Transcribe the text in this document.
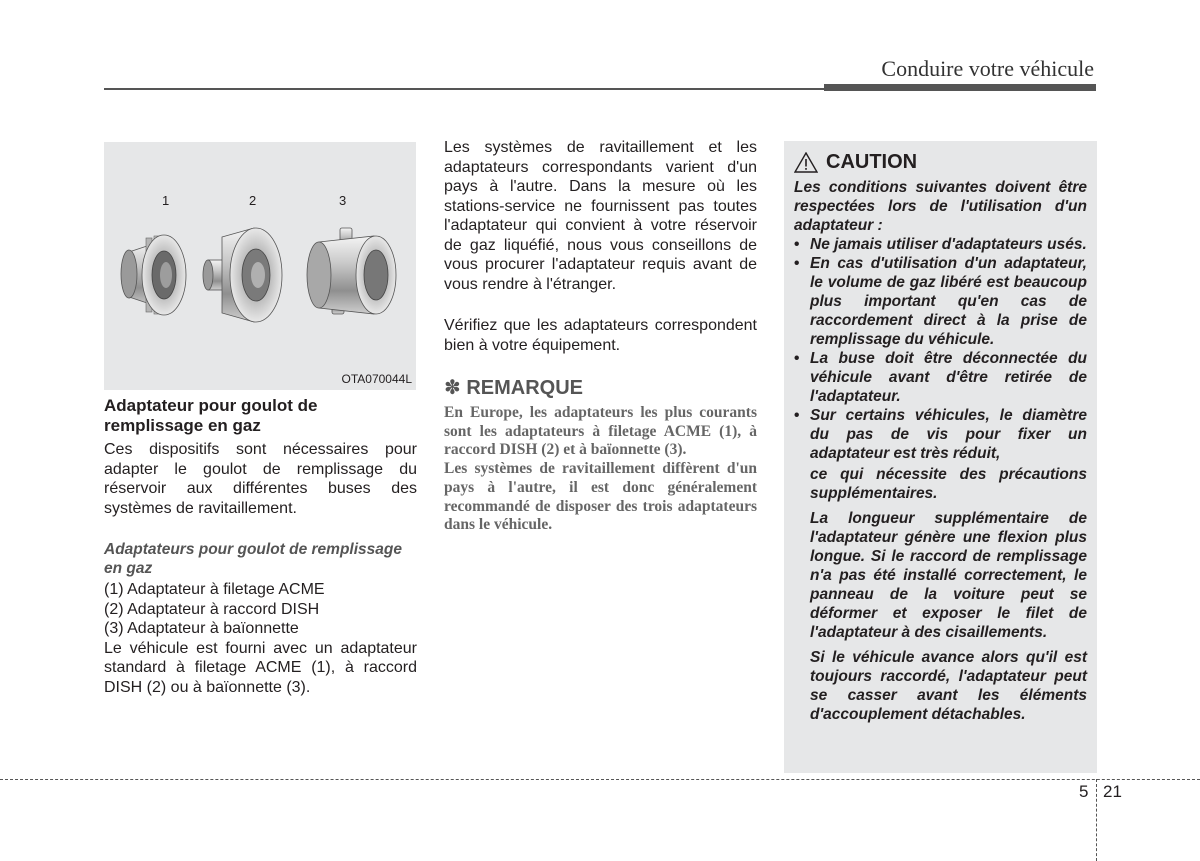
Conduire votre véhicule
1	2	3
OTA070044L

Adaptateur pour goulot de remplissage en gaz

Ces dispositifs sont nécessaires pour adapter le goulot de remplissage du réservoir aux différentes buses des systèmes de ravitaillement.

Adaptateurs pour goulot de remplissage en gaz

(1) Adaptateur à filetage ACME

(2) Adaptateur à raccord DISH

(3) Adaptateur à baïonnette

Le véhicule est fourni avec un adaptateur standard à filetage ACME (1), à raccord DISH (2) ou à baïonnette (3).

Les systèmes de ravitaillement et les adaptateurs correspondants varient d'un pays à l'autre. Dans la mesure où les stations-service ne fournissent pas toutes l'adaptateur qui convient à votre réservoir de gaz liquéfié, nous vous conseillons de vous procurer l'adaptateur requis avant de vous rendre à l'étranger.

Vérifiez que les adaptateurs correspondent bien à votre équipement.

✽ REMARQUE

En Europe, les adaptateurs les plus courants sont les adaptateurs à filetage ACME (1), à raccord DISH (2) et à baïonnette (3).

Les systèmes de ravitaillement diffèrent d'un pays à l'autre, il est donc généralement recommandé de disposer des trois adaptateurs dans le véhicule.

CAUTION

Les conditions suivantes doivent être respectées lors de l'utilisation d'un adaptateur :

• Ne jamais utiliser d'adaptateurs usés.
• En cas d'utilisation d'un adaptateur, le volume de gaz libéré est beaucoup plus important qu'en cas de raccordement direct à la prise de remplissage du véhicule.
• La buse doit être déconnectée du véhicule avant d'être retirée de l'adaptateur.
• Sur certains véhicules, le diamètre du pas de vis pour fixer un adaptateur est très réduit,

ce qui nécessite des précautions supplémentaires.

La longueur supplémentaire de l'adaptateur génère une flexion plus longue. Si le raccord de remplissage n'a pas été installé correctement, le panneau de la voiture peut se déformer et exposer le filet de l'adaptateur à des cisaillements.

Si le véhicule avance alors qu'il est toujours raccordé, l'adaptateur peut se casser avant les éléments d'accouplement détachables.

5 21
